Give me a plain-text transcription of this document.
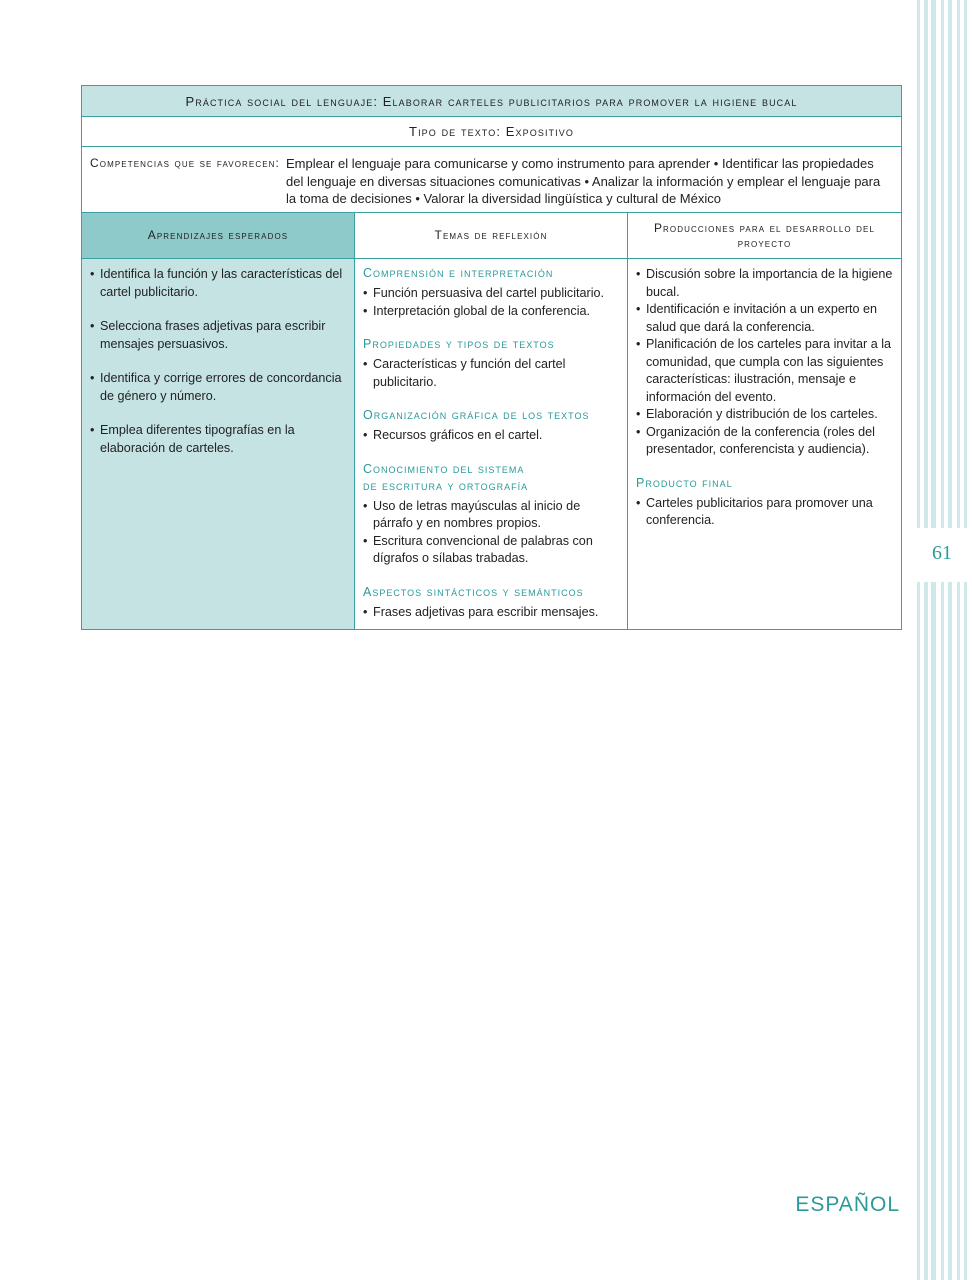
61
Práctica social del lenguaje: Elaborar carteles publicitarios para promover la higiene bucal
Tipo de texto: Expositivo
Competencias que se favorecen: Emplear el lenguaje para comunicarse y como instrumento para aprender • Identificar las propiedades del lenguaje en diversas situaciones comunicativas • Analizar la información y emplear el lenguaje para la toma de decisiones • Valorar la diversidad lingüística y cultural de México
Aprendizajes esperados	Temas de reflexión
Producciones para el desarrollo del proyecto
• Identifica la función y las características del cartel publicitario.
• Selecciona frases adjetivas para escribir mensajes persuasivos.
• Identifica y corrige errores de concordancia de género y número.
• Emplea diferentes tipografías en la elaboración de carteles.
Comprensión e interpretación
• Función persuasiva del cartel publicitario.
• Interpretación global de la conferencia.
Propiedades y tipos de textos
• Características y función del cartel publicitario.
Organización gráfica de los textos
• Recursos gráficos en el cartel.
Conocimiento del sistema
de escritura y ortografía
• Uso de letras mayúsculas al inicio de párrafo y en nombres propios.
• Escritura convencional de palabras con dígrafos o sílabas trabadas.
Aspectos sintácticos y semánticos
• Frases adjetivas para escribir mensajes.
• Discusión sobre la importancia de la higiene bucal.
• Identificación e invitación a un experto en salud que dará la conferencia.
• Planificación de los carteles para invitar a la comunidad, que cumpla con las siguientes características: ilustración, mensaje e información del evento.
• Elaboración y distribución de los carteles.
• Organización de la conferencia (roles del presentador, conferencista y audiencia).
Producto final
• Carteles publicitarios para promover una conferencia.
ESPAÑOL
